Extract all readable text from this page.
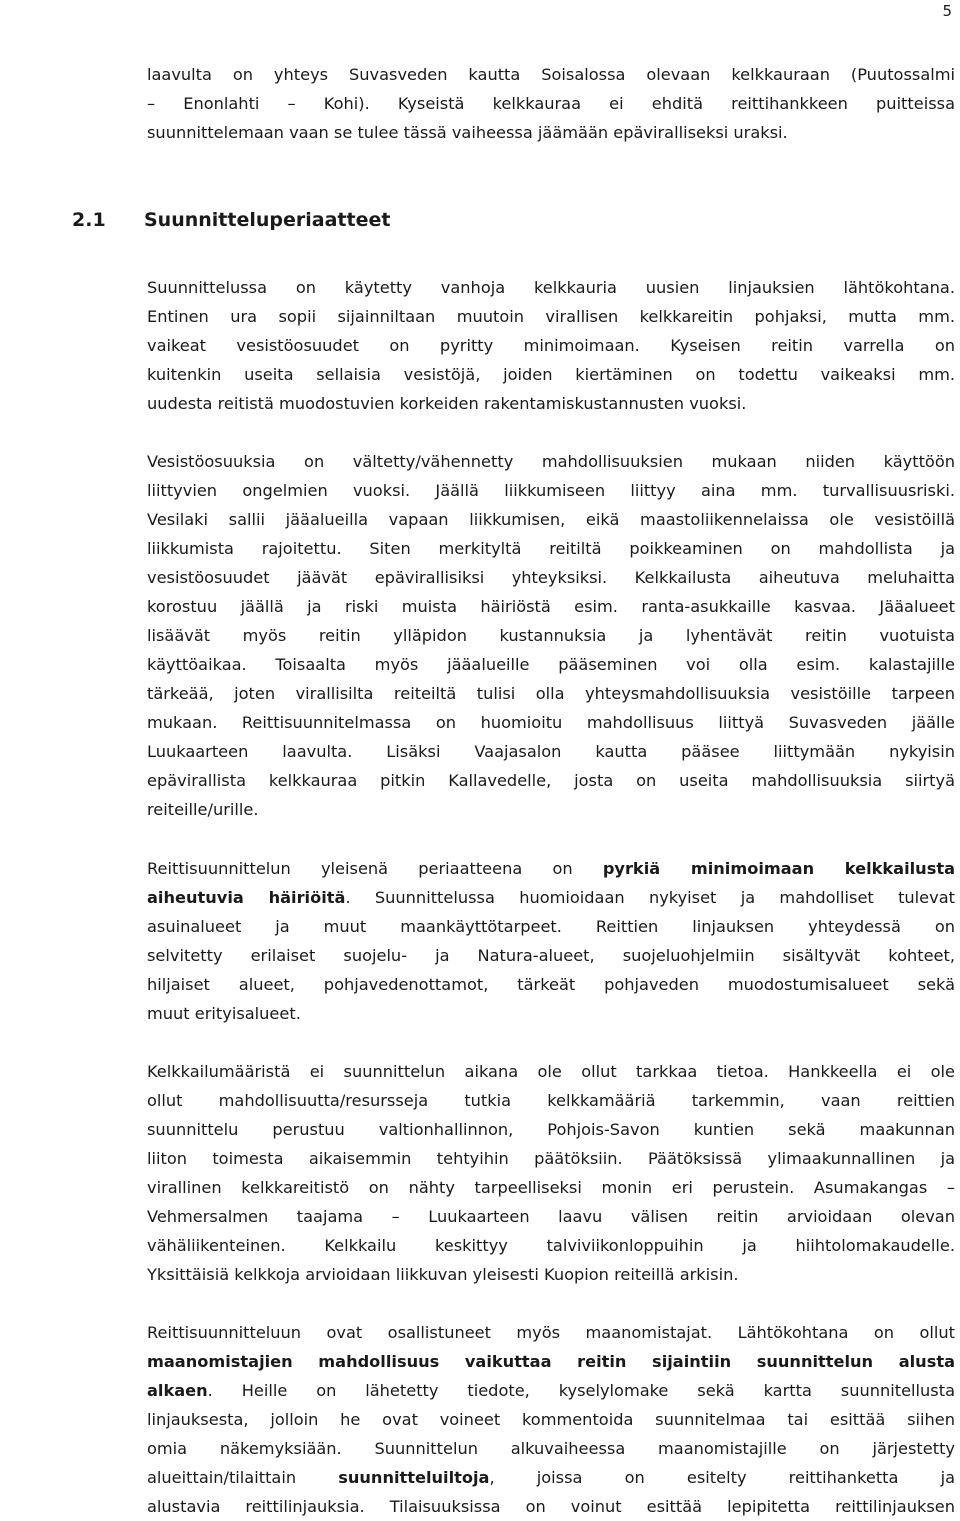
5
laavulta on yhteys Suvasveden kautta Soisalossa olevaan kelkkauraan (Puutossalmi
– Enonlahti – Kohi). Kyseistä kelkkauraa ei ehditä reittihankkeen puitteissa
suunnittelemaan vaan se tulee tässä vaiheessa jäämään epäviralliseksi uraksi.
2.1 Suunnitteluperiaatteet
Suunnittelussa on käytetty vanhoja kelkkauria uusien linjauksien lähtökohtana.
Entinen ura sopii sijainniltaan muutoin virallisen kelkkareitin pohjaksi, mutta mm.
vaikeat vesistöosuudet on pyritty minimoimaan. Kyseisen reitin varrella on
kuitenkin useita sellaisia vesistöjä, joiden kiertäminen on todettu vaikeaksi mm.
uudesta reitistä muodostuvien korkeiden rakentamiskustannusten vuoksi.
Vesistöosuuksia on vältetty/vähennetty mahdollisuuksien mukaan niiden käyttöön
liittyvien ongelmien vuoksi. Jäällä liikkumiseen liittyy aina mm. turvallisuusriski.
Vesilaki sallii jääalueilla vapaan liikkumisen, eikä maastoliikennelaissa ole vesistöillä
liikkumista rajoitettu. Siten merkityltä reitiltä poikkeaminen on mahdollista ja
vesistöosuudet jäävät epävirallisiksi yhteyksiksi. Kelkkailusta aiheutuva meluhaitta
korostuu jäällä ja riski muista häiriöstä esim. ranta-asukkaille kasvaa. Jääalueet
lisäävät myös reitin ylläpidon kustannuksia ja lyhentävät reitin vuotuista
käyttöaikaa. Toisaalta myös jääalueille pääseminen voi olla esim. kalastajille
tärkeää, joten virallisilta reiteiltä tulisi olla yhteysmahdollisuuksia vesistöille tarpeen
mukaan. Reittisuunnitelmassa on huomioitu mahdollisuus liittyä Suvasveden jäälle
Luukaarteen laavulta. Lisäksi Vaajasalon kautta pääsee liittymään nykyisin
epävirallista kelkkauraa pitkin Kallavedelle, josta on useita mahdollisuuksia siirtyä
reiteille/urille.
Reittisuunnittelun yleisenä periaatteena on pyrkiä minimoimaan kelkkailusta
aiheutuvia häiriöitä. Suunnittelussa huomioidaan nykyiset ja mahdolliset tulevat
asuinalueet ja muut maankäyttötarpeet. Reittien linjauksen yhteydessä on
selvitetty erilaiset suojelu- ja Natura-alueet, suojeluohjelmiin sisältyvät kohteet,
hiljaiset alueet, pohjavedenottamot, tärkeät pohjaveden muodostumisalueet sekä
muut erityisalueet.
Kelkkailumääristä ei suunnittelun aikana ole ollut tarkkaa tietoa. Hankkeella ei ole
ollut mahdollisuutta/resursseja tutkia kelkkamääriä tarkemmin, vaan reittien
suunnittelu perustuu valtionhallinnon, Pohjois-Savon kuntien sekä maakunnan
liiton toimesta aikaisemmin tehtyihin päätöksiin. Päätöksissä ylimaakunnallinen ja
virallinen kelkkareitistö on nähty tarpeelliseksi monin eri perustein. Asumakangas –
Vehmersalmen taajama – Luukaarteen laavu välisen reitin arvioidaan olevan
vähäliikenteinen. Kelkkailu keskittyy talviviikonloppuihin ja hiihtolomakaudelle.
Yksittäisiä kelkkoja arvioidaan liikkuvan yleisesti Kuopion reiteillä arkisin.
Reittisuunnitteluun ovat osallistuneet myös maanomistajat. Lähtökohtana on ollut
maanomistajien mahdollisuus vaikuttaa reitin sijaintiin suunnittelun alusta
alkaen. Heille on lähetetty tiedote, kyselylomake sekä kartta suunnitellusta
linjauksesta, jolloin he ovat voineet kommentoida suunnitelmaa tai esittää siihen
omia näkemyksiään. Suunnittelun alkuvaiheessa maanomistajille on järjestetty
alueittain/tilaittain suunnitteluiltoja, joissa on esitelty reittihanketta ja
alustavia reittilinjauksia. Tilaisuuksissa on voinut esittää lepipitetta reittilinjauksen
